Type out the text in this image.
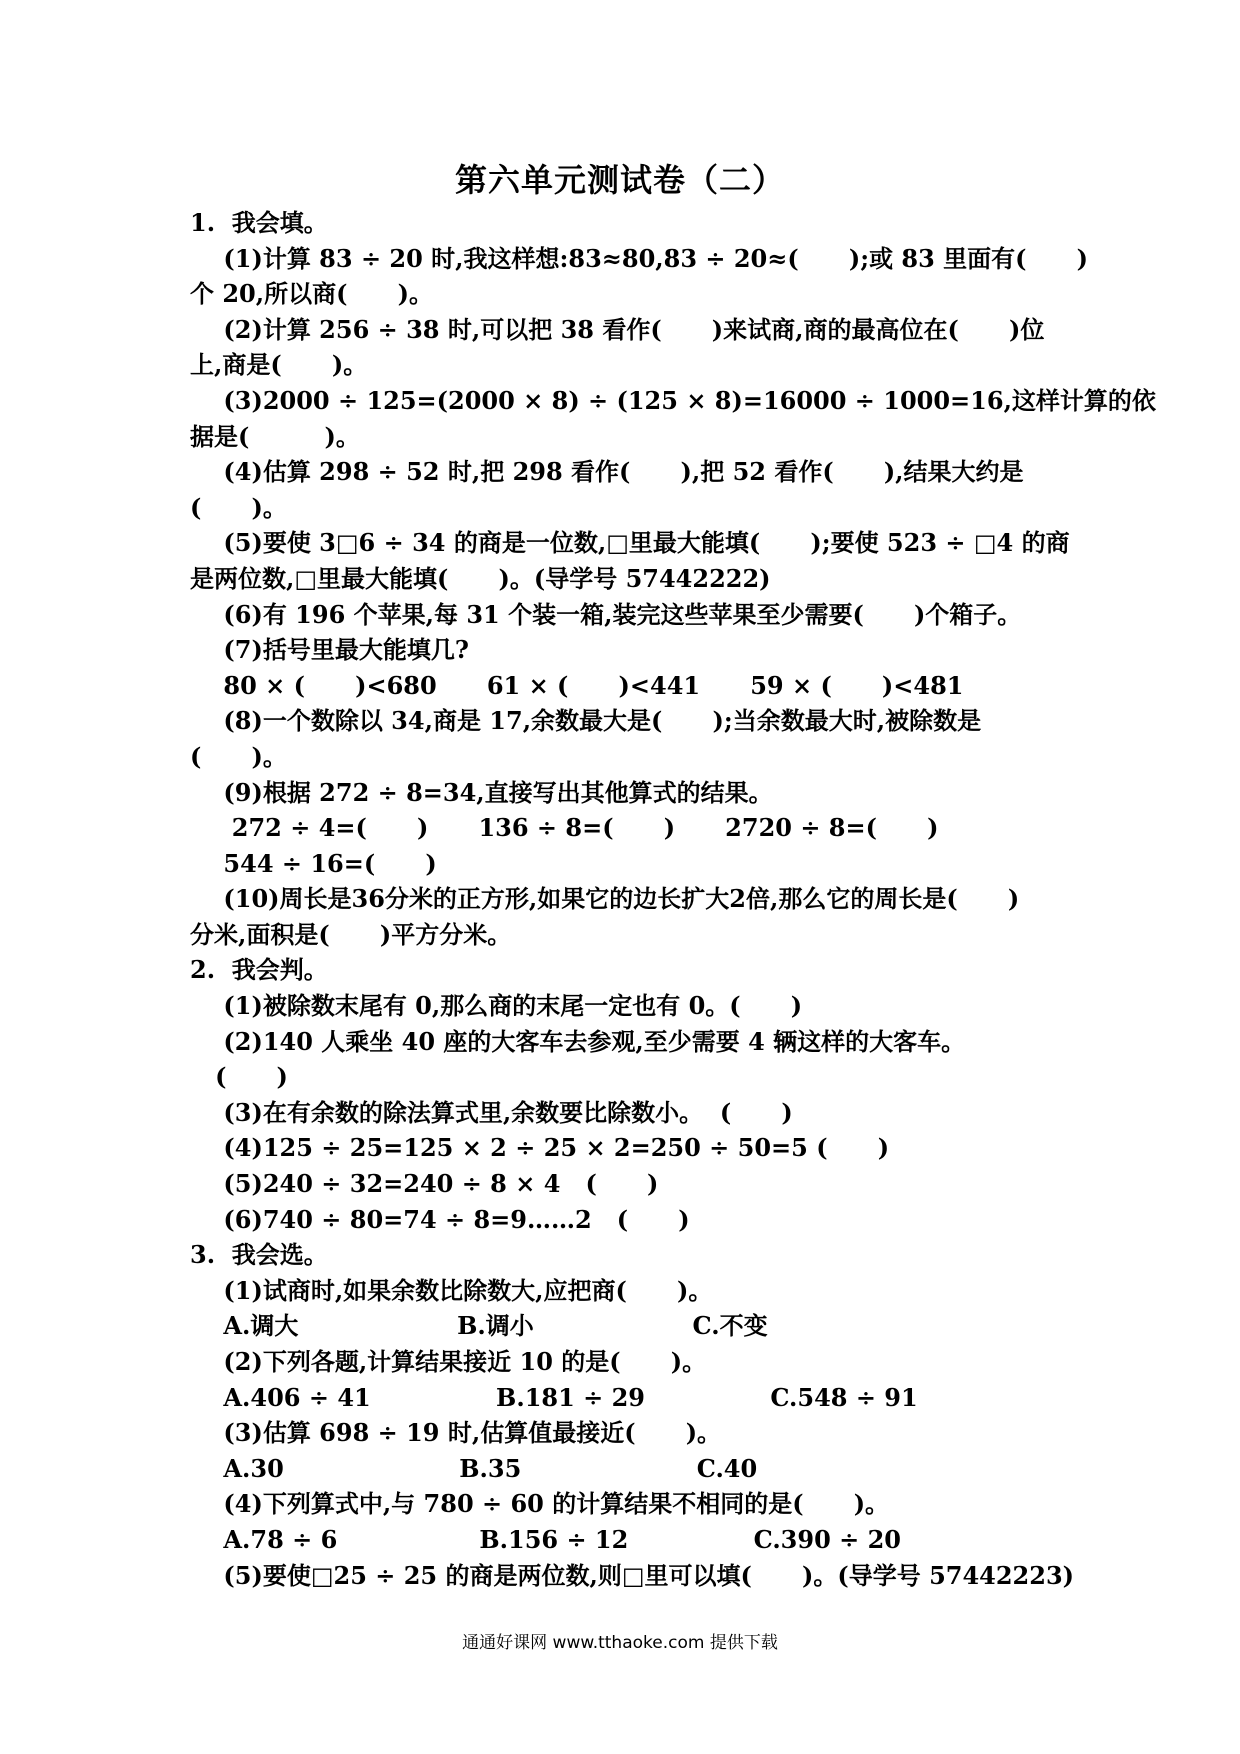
第六单元测试卷（二）
1.  我会填。
(1)计算 83 ÷ 20 时,我这样想:83≈80,83 ÷ 20≈(      );或 83 里面有(      )
个 20,所以商(      )。
(2)计算 256 ÷ 38 时,可以把 38 看作(      )来试商,商的最高位在(      )位
上,商是(      )。
(3)2000 ÷ 125=(2000 × 8) ÷ (125 × 8)=16000 ÷ 1000=16,这样计算的依
据是(         )。
(4)估算 298 ÷ 52 时,把 298 看作(      ),把 52 看作(      ),结果大约是
(      )。
(5)要使 3□6 ÷ 34 的商是一位数,□里最大能填(      );要使 523 ÷ □4 的商
是两位数,□里最大能填(      )。(导学号 57442222)
(6)有 196 个苹果,每 31 个装一箱,装完这些苹果至少需要(      )个箱子。
(7)括号里最大能填几?
80 × (      )<680      61 × (      )<441      59 × (      )<481
(8)一个数除以 34,商是 17,余数最大是(      );当余数最大时,被除数是
(      )。
(9)根据 272 ÷ 8=34,直接写出其他算式的结果。
272 ÷ 4=(      )      136 ÷ 8=(      )      2720 ÷ 8=(      )
544 ÷ 16=(      )
(10)周长是36分米的正方形,如果它的边长扩大2倍,那么它的周长是(      )
分米,面积是(      )平方分米。
2.  我会判。
(1)被除数末尾有 0,那么商的末尾一定也有 0。(      )
(2)140 人乘坐 40 座的大客车去参观,至少需要 4 辆这样的大客车。
(      )
(3)在有余数的除法算式里,余数要比除数小。  (      )
(4)125 ÷ 25=125 × 2 ÷ 25 × 2=250 ÷ 50=5 (      )
(5)240 ÷ 32=240 ÷ 8 × 4   (      )
(6)740 ÷ 80=74 ÷ 8=9……2   (      )
3.  我会选。
(1)试商时,如果余数比除数大,应把商(      )。
A.调大                   B.调小                   C.不变
(2)下列各题,计算结果接近 10 的是(      )。
A.406 ÷ 41               B.181 ÷ 29               C.548 ÷ 91
(3)估算 698 ÷ 19 时,估算值最接近(      )。
A.30                     B.35                     C.40
(4)下列算式中,与 780 ÷ 60 的计算结果不相同的是(      )。
A.78 ÷ 6                 B.156 ÷ 12               C.390 ÷ 20
(5)要使□25 ÷ 25 的商是两位数,则□里可以填(      )。(导学号 57442223)
通通好课网 www.tthaoke.com 提供下载
